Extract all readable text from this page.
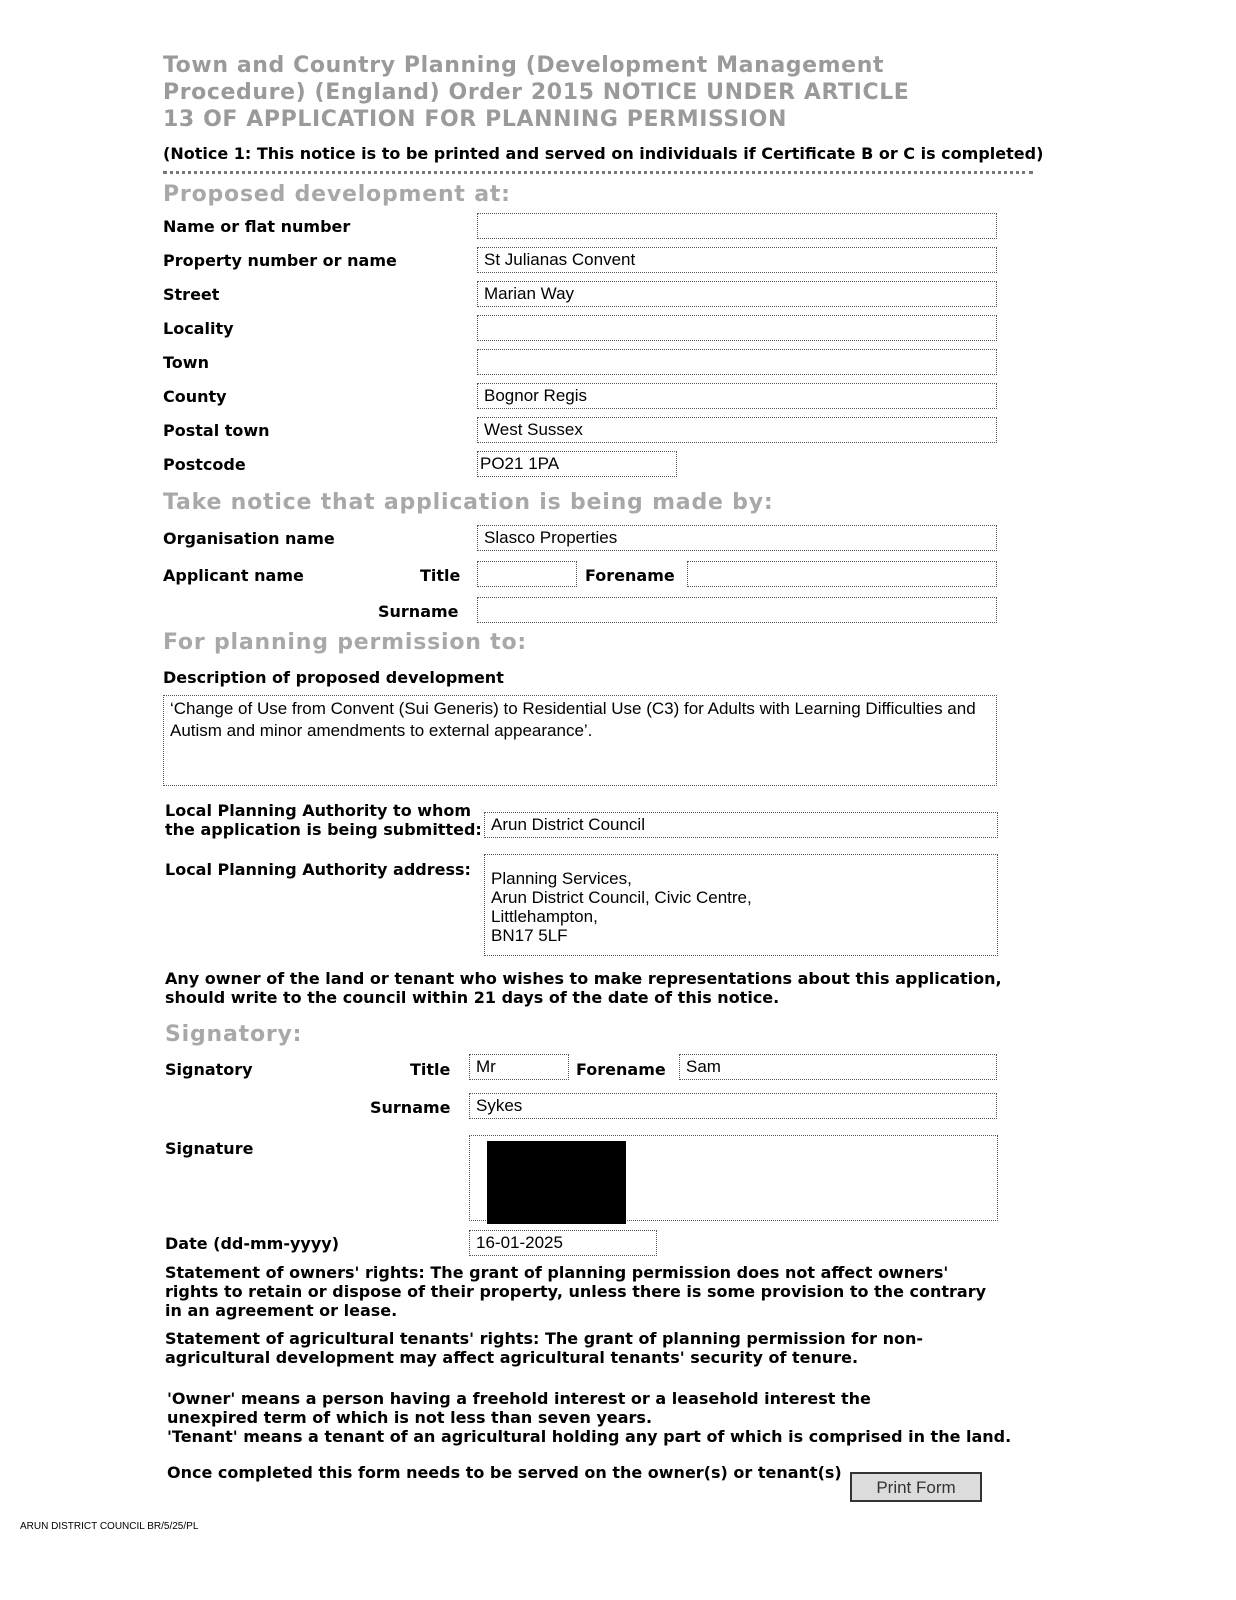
Town and Country Planning (Development Management
Procedure) (England) Order 2015 NOTICE UNDER ARTICLE
13 OF APPLICATION FOR PLANNING PERMISSION
(Notice 1: This notice is to be printed and served on individuals if Certificate B or C is completed)
Proposed development at:
Name or flat number
Property number or name	St Julianas Convent
Street	Marian Way
Locality
Town
County	Bognor Regis
Postal town	West Sussex
Postcode	PO21 1PA
Take notice that application is being made by:
Organisation name	Slasco Properties
Applicant name	Title	Forename
Surname
For planning permission to:
Description of proposed development
‘Change of Use from Convent (Sui Generis) to Residential Use (C3) for Adults with Learning Difficulties and Autism and minor amendments to external appearance’.
Local Planning Authority to whom
the application is being submitted: Arun District Council
Local Planning Authority address: Planning Services,
Arun District Council, Civic Centre,
Littlehampton,
BN17 5LF
Any owner of the land or tenant who wishes to make representations about this application, should write to the council within 21 days of the date of this notice.
Signatory:
Signatory	Title	Mr	Forename	Sam
Surname	Sykes
Signature
Date (dd-mm-yyyy)	16-01-2025
Statement of owners' rights: The grant of planning permission does not affect owners' rights to retain or dispose of their property, unless there is some provision to the contrary in an agreement or lease.
Statement of agricultural tenants' rights: The grant of planning permission for non-agricultural development may affect agricultural tenants' security of tenure.
'Owner' means a person having a freehold interest or a leasehold interest the unexpired term of which is not less than seven years.
'Tenant' means a tenant of an agricultural holding any part of which is comprised in the land.
Once completed this form needs to be served on the owner(s) or tenant(s)
Print Form
ARUN DISTRICT COUNCIL BR/5/25/PL
